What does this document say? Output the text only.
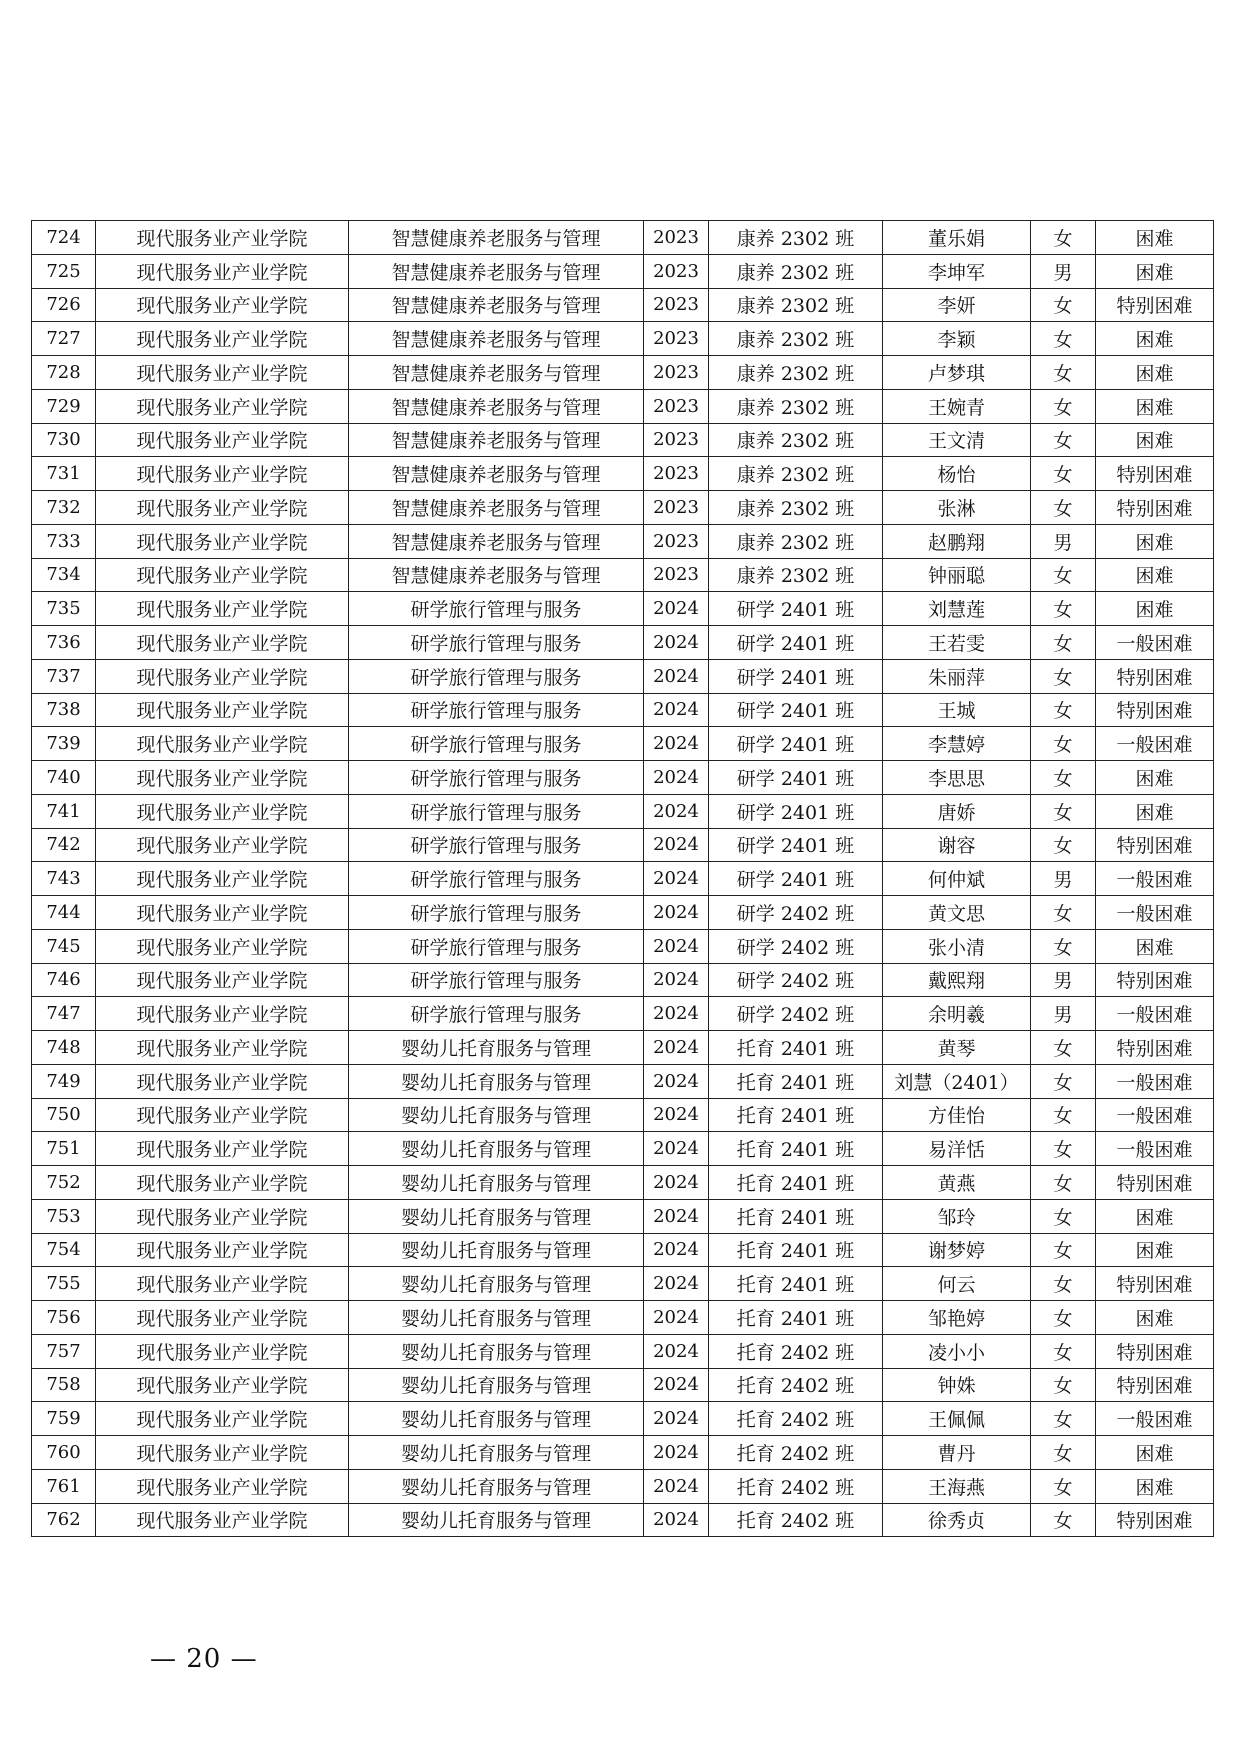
724	现代服务业产业学院	智慧健康养老服务与管理	2023	康养 2302 班	董乐娟	女	困难
725	现代服务业产业学院	智慧健康养老服务与管理	2023	康养 2302 班	李坤军	男	困难
726	现代服务业产业学院	智慧健康养老服务与管理	2023	康养 2302 班	李妍	女	特别困难
727	现代服务业产业学院	智慧健康养老服务与管理	2023	康养 2302 班	李颖	女	困难
728	现代服务业产业学院	智慧健康养老服务与管理	2023	康养 2302 班	卢梦琪	女	困难
729	现代服务业产业学院	智慧健康养老服务与管理	2023	康养 2302 班	王婉青	女	困难
730	现代服务业产业学院	智慧健康养老服务与管理	2023	康养 2302 班	王文清	女	困难
731	现代服务业产业学院	智慧健康养老服务与管理	2023	康养 2302 班	杨怡	女	特别困难
732	现代服务业产业学院	智慧健康养老服务与管理	2023	康养 2302 班	张淋	女	特别困难
733	现代服务业产业学院	智慧健康养老服务与管理	2023	康养 2302 班	赵鹏翔	男	困难
734	现代服务业产业学院	智慧健康养老服务与管理	2023	康养 2302 班	钟丽聪	女	困难
735	现代服务业产业学院	研学旅行管理与服务	2024	研学 2401 班	刘慧莲	女	困难
736	现代服务业产业学院	研学旅行管理与服务	2024	研学 2401 班	王若雯	女	一般困难
737	现代服务业产业学院	研学旅行管理与服务	2024	研学 2401 班	朱丽萍	女	特别困难
738	现代服务业产业学院	研学旅行管理与服务	2024	研学 2401 班	王城	女	特别困难
739	现代服务业产业学院	研学旅行管理与服务	2024	研学 2401 班	李慧婷	女	一般困难
740	现代服务业产业学院	研学旅行管理与服务	2024	研学 2401 班	李思思	女	困难
741	现代服务业产业学院	研学旅行管理与服务	2024	研学 2401 班	唐娇	女	困难
742	现代服务业产业学院	研学旅行管理与服务	2024	研学 2401 班	谢容	女	特别困难
743	现代服务业产业学院	研学旅行管理与服务	2024	研学 2401 班	何仲斌	男	一般困难
744	现代服务业产业学院	研学旅行管理与服务	2024	研学 2402 班	黄文思	女	一般困难
745	现代服务业产业学院	研学旅行管理与服务	2024	研学 2402 班	张小清	女	困难
746	现代服务业产业学院	研学旅行管理与服务	2024	研学 2402 班	戴熙翔	男	特别困难
747	现代服务业产业学院	研学旅行管理与服务	2024	研学 2402 班	余明羲	男	一般困难
748	现代服务业产业学院	婴幼儿托育服务与管理	2024	托育 2401 班	黄琴	女	特别困难
749	现代服务业产业学院	婴幼儿托育服务与管理	2024	托育 2401 班	刘慧（2401）	女	一般困难
750	现代服务业产业学院	婴幼儿托育服务与管理	2024	托育 2401 班	方佳怡	女	一般困难
751	现代服务业产业学院	婴幼儿托育服务与管理	2024	托育 2401 班	易洋恬	女	一般困难
752	现代服务业产业学院	婴幼儿托育服务与管理	2024	托育 2401 班	黄燕	女	特别困难
753	现代服务业产业学院	婴幼儿托育服务与管理	2024	托育 2401 班	邹玲	女	困难
754	现代服务业产业学院	婴幼儿托育服务与管理	2024	托育 2401 班	谢梦婷	女	困难
755	现代服务业产业学院	婴幼儿托育服务与管理	2024	托育 2401 班	何云	女	特别困难
756	现代服务业产业学院	婴幼儿托育服务与管理	2024	托育 2401 班	邹艳婷	女	困难
757	现代服务业产业学院	婴幼儿托育服务与管理	2024	托育 2402 班	凌小小	女	特别困难
758	现代服务业产业学院	婴幼儿托育服务与管理	2024	托育 2402 班	钟姝	女	特别困难
759	现代服务业产业学院	婴幼儿托育服务与管理	2024	托育 2402 班	王佩佩	女	一般困难
760	现代服务业产业学院	婴幼儿托育服务与管理	2024	托育 2402 班	曹丹	女	困难
761	现代服务业产业学院	婴幼儿托育服务与管理	2024	托育 2402 班	王海燕	女	困难
762	现代服务业产业学院	婴幼儿托育服务与管理	2024	托育 2402 班	徐秀贞	女	特别困难
— 20 —
